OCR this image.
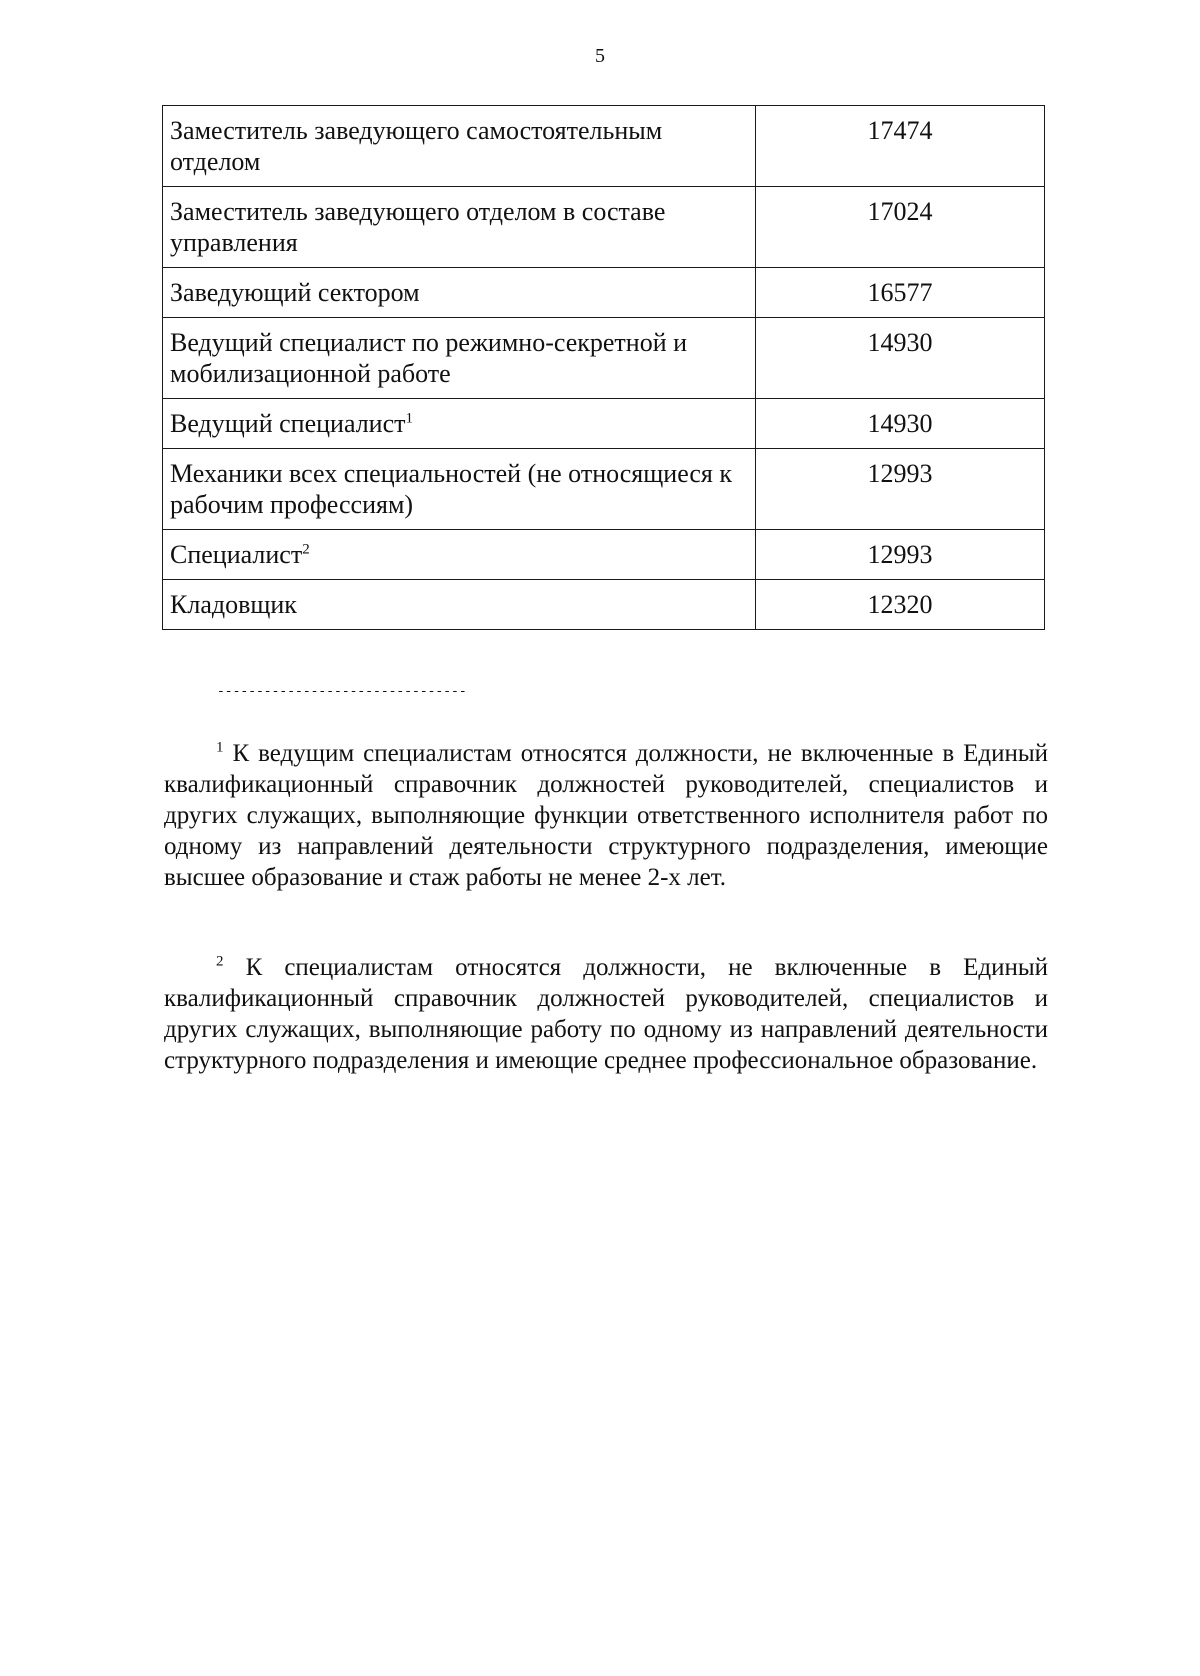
5
Заместитель заведующего самостоятельным отделом	17474
Заместитель заведующего отделом в составе управления	17024
Заведующий сектором	16577
Ведущий специалист по режимно-секретной и мобилизационной работе	14930
Ведущий специалист$^1$	14930
Механики всех специальностей (не относящиеся к рабочим профессиям)	12993
Специалист$^2$	12993
Кладовщик	12320
--------------------------------

$^1$ К ведущим специалистам относятся должности, не включенные в Единый квалификационный справочник должностей руководителей, специалистов и других служащих, выполняющие функции ответственного исполнителя работ по одному из направлений деятельности структурного подразделения, имеющие высшее образование и стаж работы не менее 2-х лет.

$^2$ К специалистам относятся должности, не включенные в Единый квалификационный справочник должностей руководителей, специалистов и других служащих, выполняющие работу по одному из направлений деятельности структурного подразделения и имеющие среднее профессиональное образование.
